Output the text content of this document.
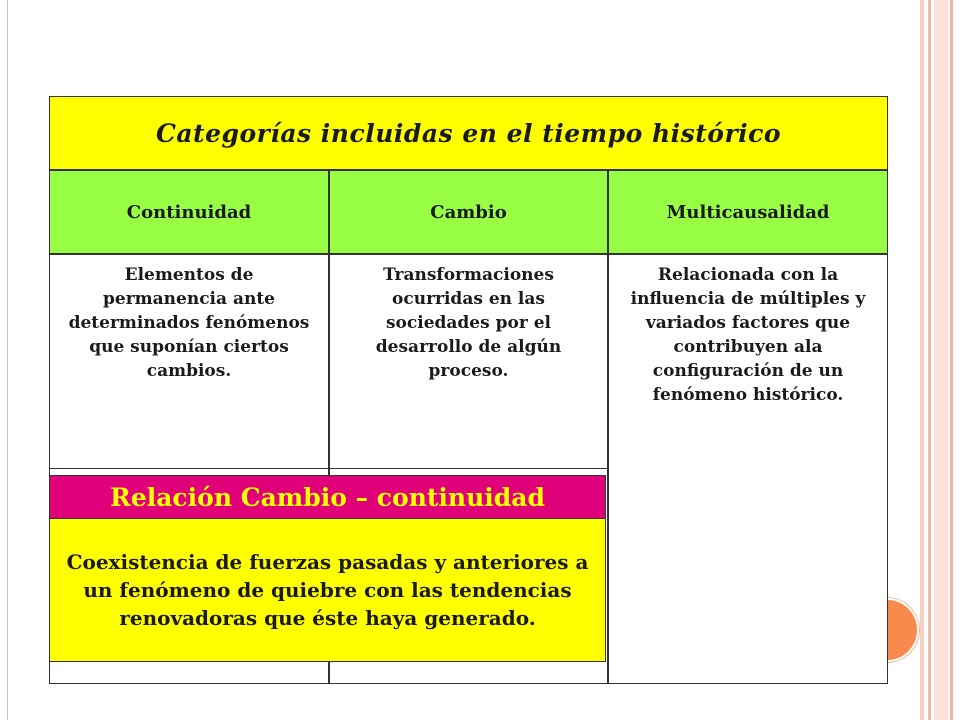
Categorías incluidas en el tiempo histórico
Continuidad	Cambio	Multicausalidad
Elementos de permanencia ante determinados fenómenos que suponían ciertos cambios.
Transformaciones ocurridas en las sociedades por el desarrollo de algún proceso.
Relacionada con la influencia de múltiples y variados factores que contribuyen ala configuración de un fenómeno histórico.
Relación Cambio – continuidad
Coexistencia de fuerzas pasadas y anteriores a un fenómeno de quiebre con las tendencias renovadoras que éste haya generado.
